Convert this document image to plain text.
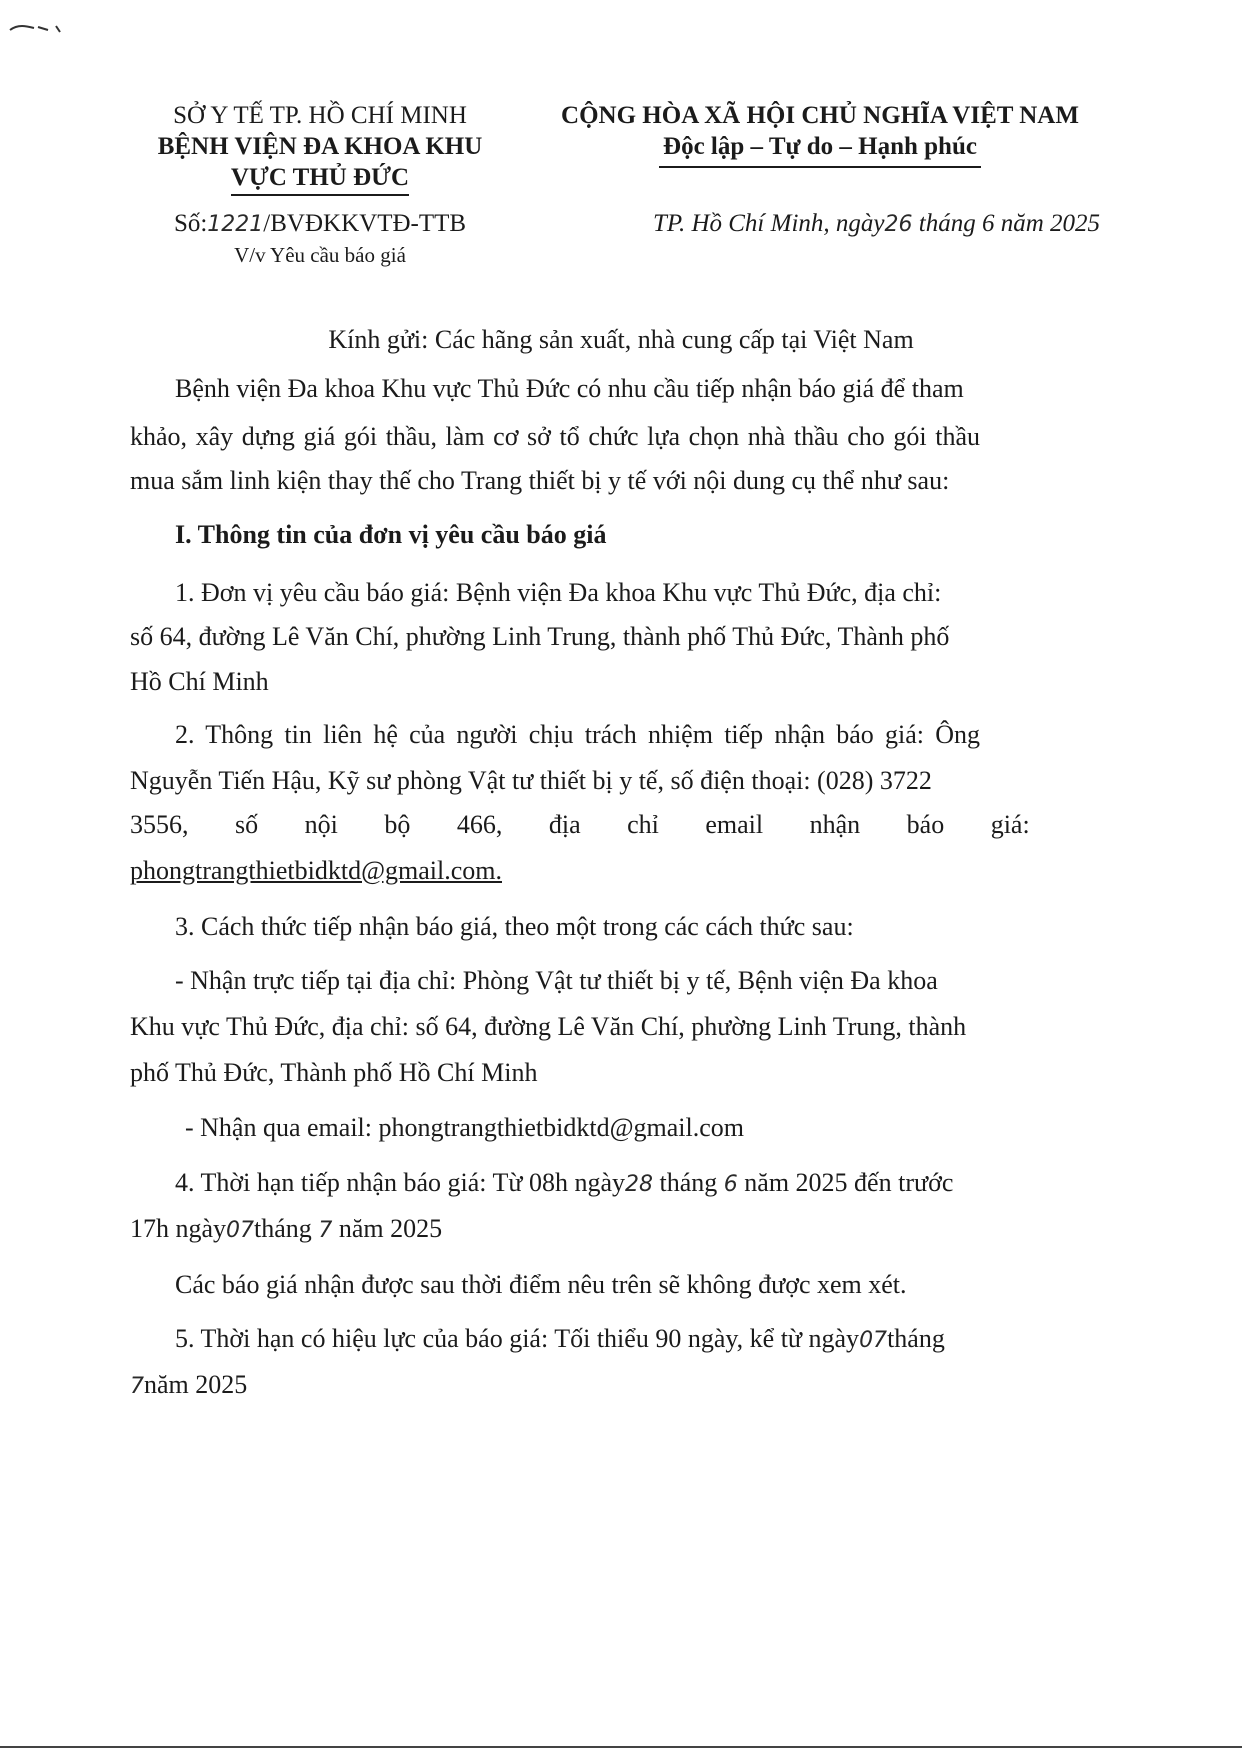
SỞ Y TẾ TP. HỒ CHÍ MINH
BỆNH VIỆN ĐA KHOA KHU
VỰC THỦ ĐỨC
CỘNG HÒA XÃ HỘI CHỦ NGHĨA VIỆT NAM
Độc lập – Tự do – Hạnh phúc
Số:1221/BVĐKKVTĐ-TTB
V/v Yêu cầu báo giá
TP. Hồ Chí Minh, ngày26 tháng 6 năm 2025
Kính gửi: Các hãng sản xuất, nhà cung cấp tại Việt Nam
Bệnh viện Đa khoa Khu vực Thủ Đức có nhu cầu tiếp nhận báo giá để tham
khảo, xây dựng giá gói thầu, làm cơ sở tổ chức lựa chọn nhà thầu cho gói thầu
mua sắm linh kiện thay thế cho Trang thiết bị y tế với nội dung cụ thể như sau:
I. Thông tin của đơn vị yêu cầu báo giá
1. Đơn vị yêu cầu báo giá: Bệnh viện Đa khoa Khu vực Thủ Đức, địa chỉ:
số 64, đường Lê Văn Chí, phường Linh Trung, thành phố Thủ Đức, Thành phố
Hồ Chí Minh
2. Thông tin liên hệ của người chịu trách nhiệm tiếp nhận báo giá: Ông
Nguyễn Tiến Hậu, Kỹ sư phòng Vật tư thiết bị y tế, số điện thoại: (028) 3722
3556, số nội bộ 466, địa chỉ email nhận báo giá:
phongtrangthietbidktd@gmail.com.
3. Cách thức tiếp nhận báo giá, theo một trong các cách thức sau:
- Nhận trực tiếp tại địa chỉ: Phòng Vật tư thiết bị y tế, Bệnh viện Đa khoa
Khu vực Thủ Đức, địa chỉ: số 64, đường Lê Văn Chí, phường Linh Trung, thành
phố Thủ Đức, Thành phố Hồ Chí Minh
- Nhận qua email: phongtrangthietbidktd@gmail.com
4. Thời hạn tiếp nhận báo giá: Từ 08h ngày28 tháng 6 năm 2025 đến trước
17h ngày07tháng 7 năm 2025
Các báo giá nhận được sau thời điểm nêu trên sẽ không được xem xét.
5. Thời hạn có hiệu lực của báo giá: Tối thiểu 90 ngày, kể từ ngày07tháng
7năm 2025
